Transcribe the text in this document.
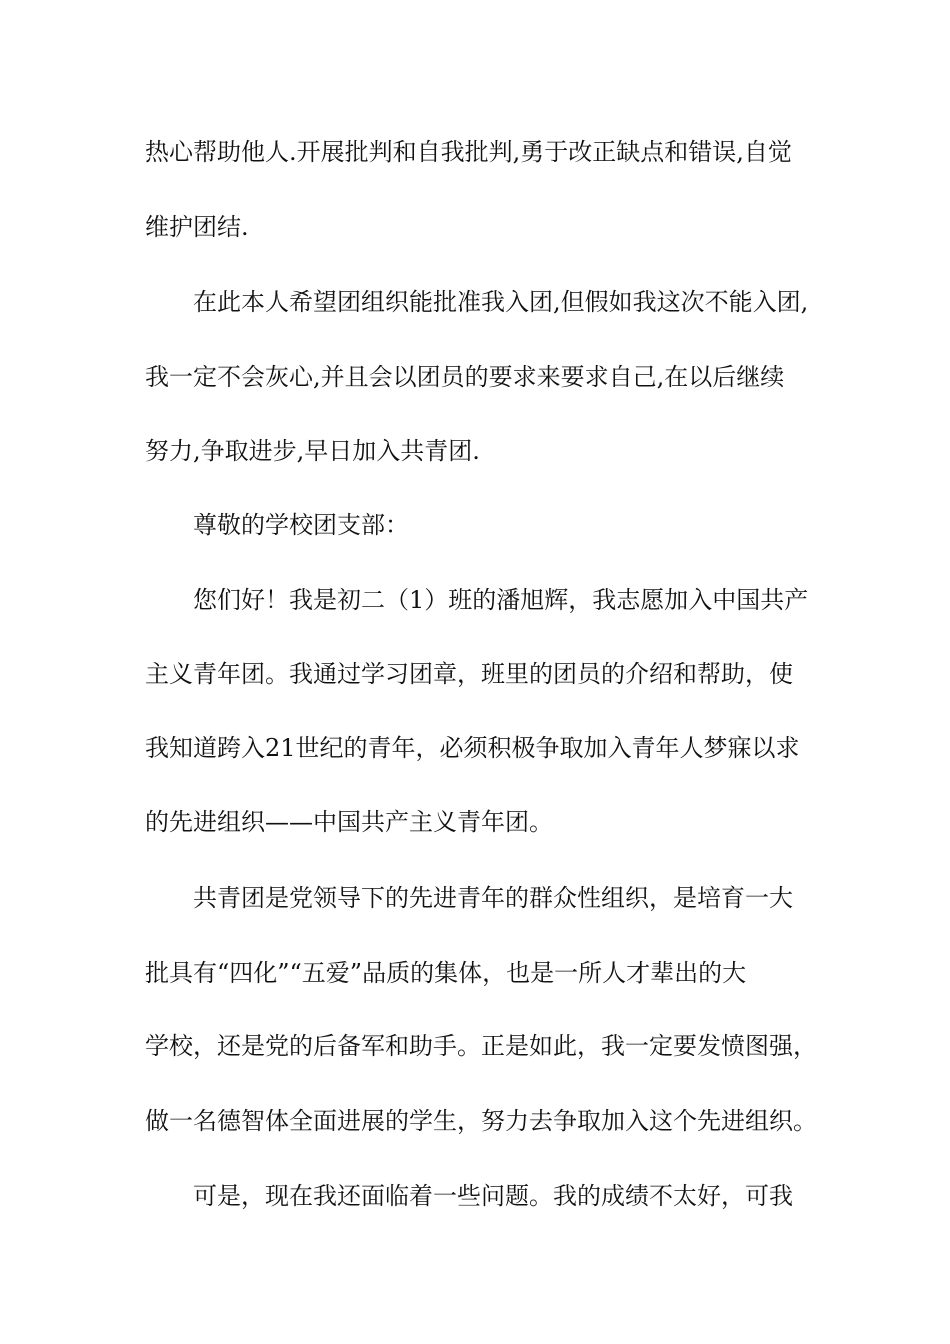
热心帮助他人.开展批判和自我批判,勇于改正缺点和错误,自觉
维护团结.
在此本人希望团组织能批准我入团,但假如我这次不能入团,
我一定不会灰心,并且会以团员的要求来要求自己,在以后继续
努力,争取进步,早日加入共青团.
尊敬的学校团支部：
您们好！我是初二（1）班的潘旭辉，我志愿加入中国共产
主义青年团。我通过学习团章，班里的团员的介绍和帮助，使
我知道跨入21世纪的青年，必须积极争取加入青年人梦寐以求
的先进组织——中国共产主义青年团。
共青团是党领导下的先进青年的群众性组织，是培育一大
批具有“四化”“五爱”品质的集体，也是一所人才辈出的大
学校，还是党的后备军和助手。正是如此，我一定要发愤图强，
做一名德智体全面进展的学生，努力去争取加入这个先进组织。
可是，现在我还面临着一些问题。我的成绩不太好，可我
